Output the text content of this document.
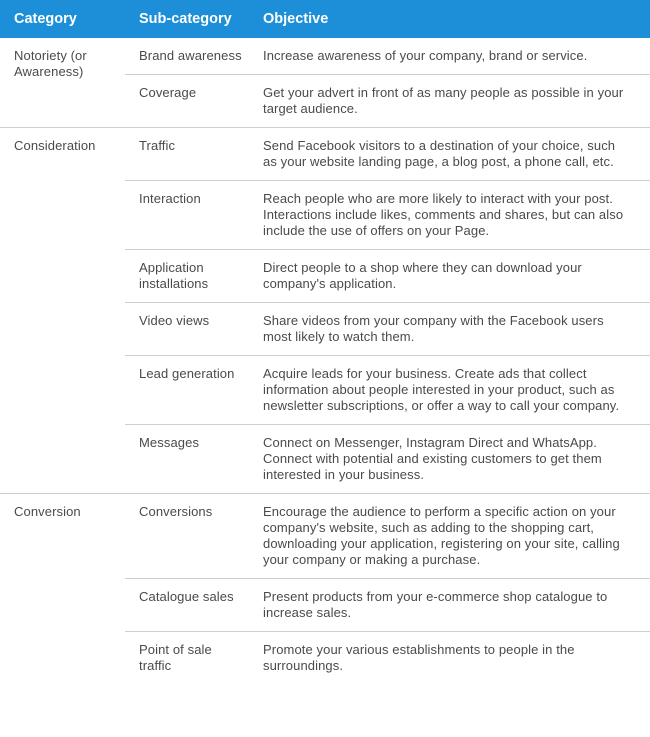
Category	Sub-category	Objective
Notoriety (or Awareness)	Brand awareness	Increase awareness of your company, brand or service.
	Coverage	Get your advert in front of as many people as possible in your target audience.
Consideration	Traffic	Send Facebook visitors to a destination of your choice, such as your website landing page, a blog post, a phone call, etc.
	Interaction	Reach people who are more likely to interact with your post. Interactions include likes, comments and shares, but can also include the use of offers on your Page.
	Application installations	Direct people to a shop where they can download your company's application.
	Video views	Share videos from your company with the Facebook users most likely to watch them.
	Lead generation	Acquire leads for your business. Create ads that collect information about people interested in your product, such as newsletter subscriptions, or offer a way to call your company.
	Messages	Connect on Messenger, Instagram Direct and WhatsApp. Connect with potential and existing customers to get them interested in your business.
Conversion	Conversions	Encourage the audience to perform a specific action on your company's website, such as adding to the shopping cart, downloading your application, registering on your site, calling your company or making a purchase.
	Catalogue sales	Present products from your e-commerce shop catalogue to increase sales.
	Point of sale traffic	Promote your various establishments to people in the surroundings.
